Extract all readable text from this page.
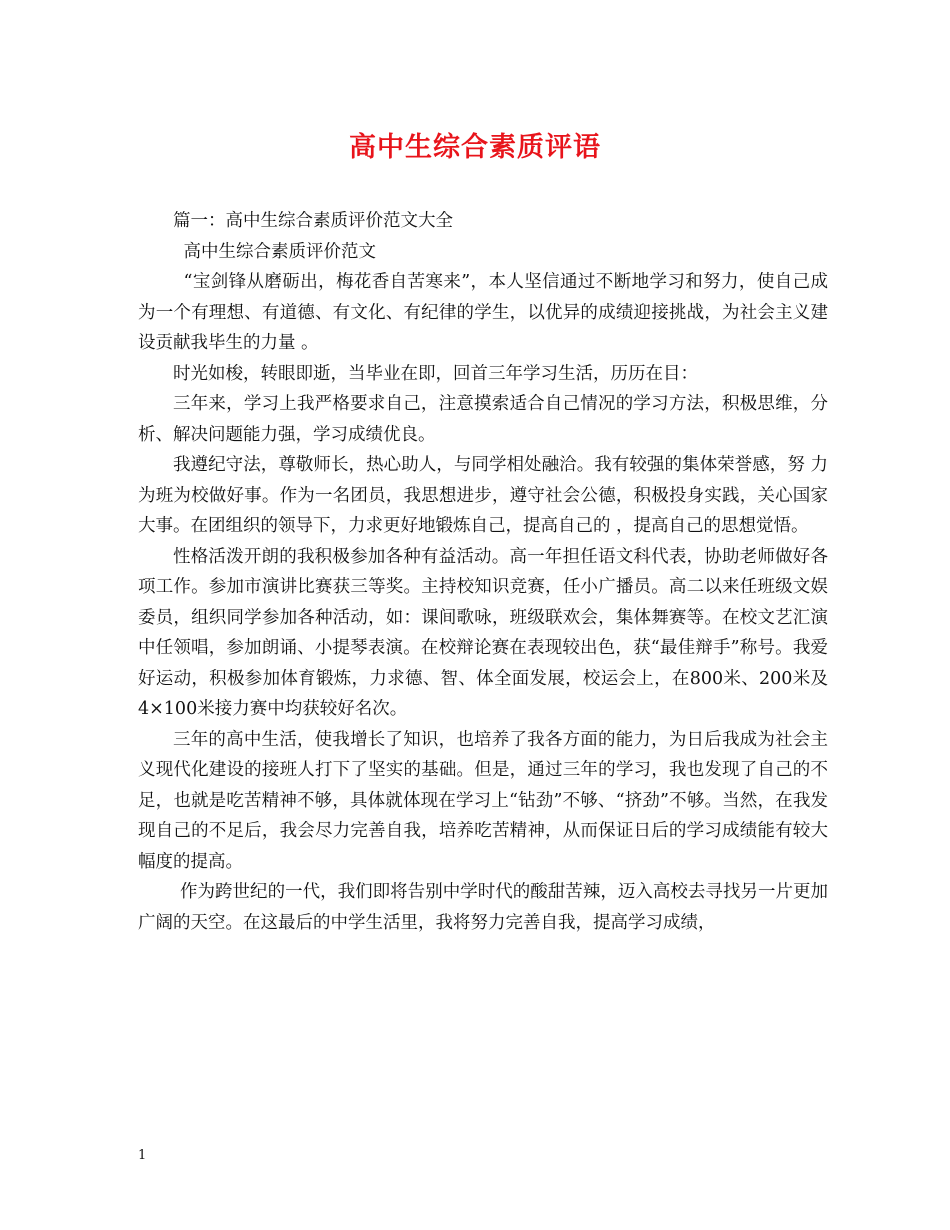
高中生综合素质评语

篇一：高中生综合素质评价范文大全

高中生综合素质评价范文

“宝剑锋从磨砺出，梅花香自苦寒来”，本人坚信通过不断地学习和努力，使自己成为一个有理想、有道德、有文化、有纪律的学生，以优异的成绩迎接挑战，为社会主义建设贡献我毕生的力量 。

时光如梭，转眼即逝，当毕业在即，回首三年学习生活，历历在目：

三年来，学习上我严格要求自己，注意摸索适合自己情况的学习方法，积极思维，分析、解决问题能力强，学习成绩优良。

我遵纪守法，尊敬师长，热心助人，与同学相处融洽。我有较强的集体荣誉感，努 力为班为校做好事。作为一名团员，我思想进步，遵守社会公德，积极投身实践，关心国家大事。在团组织的领导下，力求更好地锻炼自己，提高自己的 ，提高自己的思想觉悟。

性格活泼开朗的我积极参加各种有益活动。高一年担任语文科代表，协助老师做好各项工作。参加市演讲比赛获三等奖。主持校知识竞赛，任小广播员。高二以来任班级文娱委员，组织同学参加各种活动，如：课间歌咏，班级联欢会，集体舞赛等。在校文艺汇演中任领唱，参加朗诵、小提琴表演。在校辩论赛在表现较出色，获“最佳辩手”称号。我爱好运动，积极参加体育锻炼，力求德、智、体全面发展，校运会上，在800米、200米及4×100米接力赛中均获较好名次。

三年的高中生活，使我增长了知识，也培养了我各方面的能力，为日后我成为社会主义现代化建设的接班人打下了坚实的基础。但是，通过三年的学习，我也发现了自己的不足，也就是吃苦精神不够，具体就体现在学习上“钻劲”不够、“挤劲”不够。当然，在我发现自己的不足后，我会尽力完善自我，培养吃苦精神，从而保证日后的学习成绩能有较大幅度的提高。

作为跨世纪的一代，我们即将告别中学时代的酸甜苦辣，迈入高校去寻找另一片更加广阔的天空。在这最后的中学生活里，我将努力完善自我，提高学习成绩，

1
